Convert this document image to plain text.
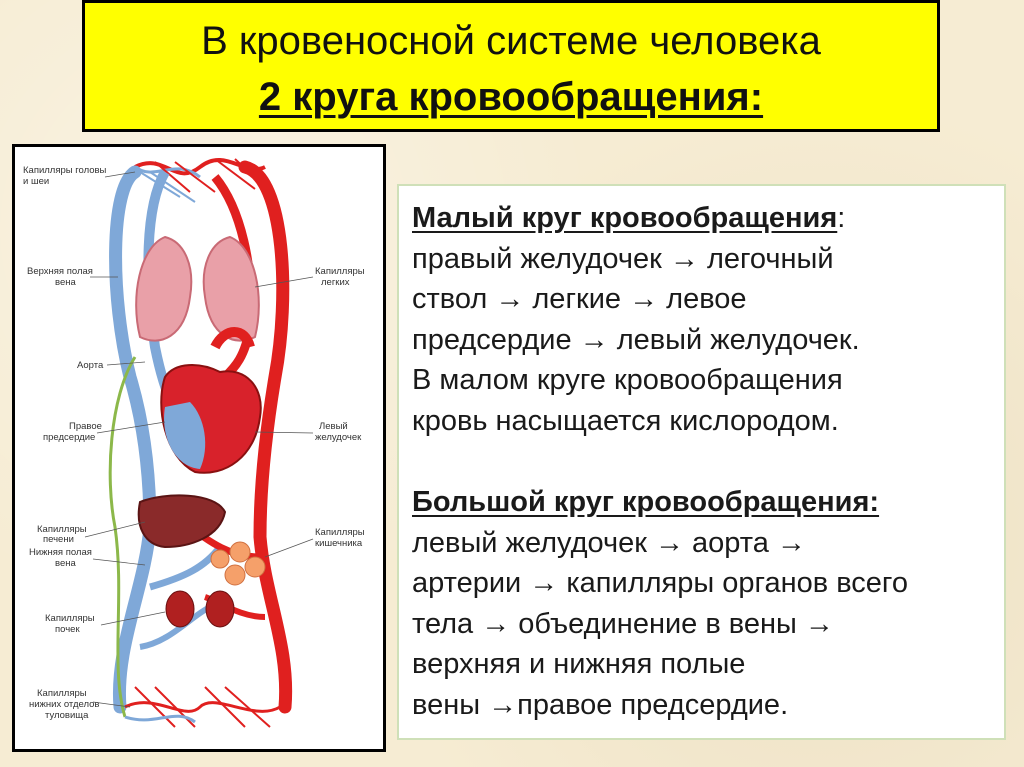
В кровеносной системе человека
2 круга кровообращения:
Капилляры головы
и шеи
Верхняя полая
вена
Капилляры
легких
Аорта
Правое
предсердие
Левый
желудочек
Капилляры
печени
Нижняя полая
вена
Капилляры
кишечника
Капилляры
почек
Капилляры
нижних отделов
туловища

Малый круг кровообращения:

правый желудочек → легочный

ствол → легкие → левое

предсердие → левый желудочек.

В малом круге кровообращения

кровь насыщается кислородом.

Большой круг кровообращения:

левый желудочек → аорта →

артерии → капилляры органов всего

тела → объединение в вены →

верхняя и нижняя полые

вены →правое предсердие.
